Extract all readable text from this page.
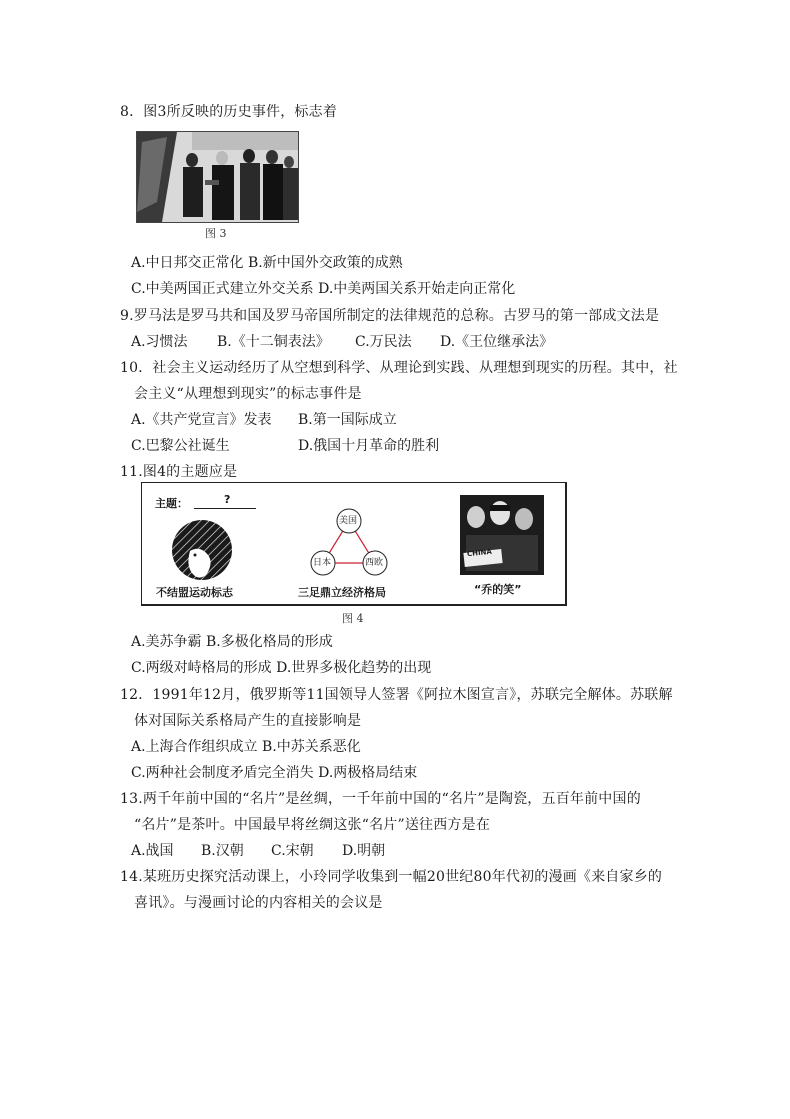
8．图3所反映的历史事件，标志着
图 3
A.中日邦交正常化 B.新中国外交政策的成熟
C.中美两国正式建立外交关系 D.中美两国关系开始走向正常化
9.罗马法是罗马共和国及罗马帝国所制定的法律规范的总称。古罗马的第一部成文法是
A.习惯法 B.《十二铜表法》 C.万民法 D.《王位继承法》
10．社会主义运动经历了从空想到科学、从理论到实践、从理想到现实的历程。其中，社
会主义“从理想到现实”的标志事件是
A.《共产党宣言》发表 B.第一国际成立
C.巴黎公社诞生	D.俄国十月革命的胜利
11.图4的主题应是
主题：	?
不结盟运动标志
美国
日本	西欧
三足鼎立经济格局
CHINA
“乔的笑”
图 4
A.美苏争霸 B.多极化格局的形成
C.两级对峙格局的形成 D.世界多极化趋势的出现
12．1991年12月，俄罗斯等11国领导人签署《阿拉木图宣言》，苏联完全解体。苏联解
体对国际关系格局产生的直接影响是
A.上海合作组织成立 B.中苏关系恶化
C.两种社会制度矛盾完全消失 D.两极格局结束
13.两千年前中国的“名片”是丝绸，一千年前中国的“名片”是陶瓷，五百年前中国的
“名片”是茶叶。中国最早将丝绸这张“名片”送往西方是在
A.战国 B.汉朝 C.宋朝 D.明朝
14.某班历史探究活动课上，小玲同学收集到一幅20世纪80年代初的漫画《来自家乡的
喜讯》。与漫画讨论的内容相关的会议是
